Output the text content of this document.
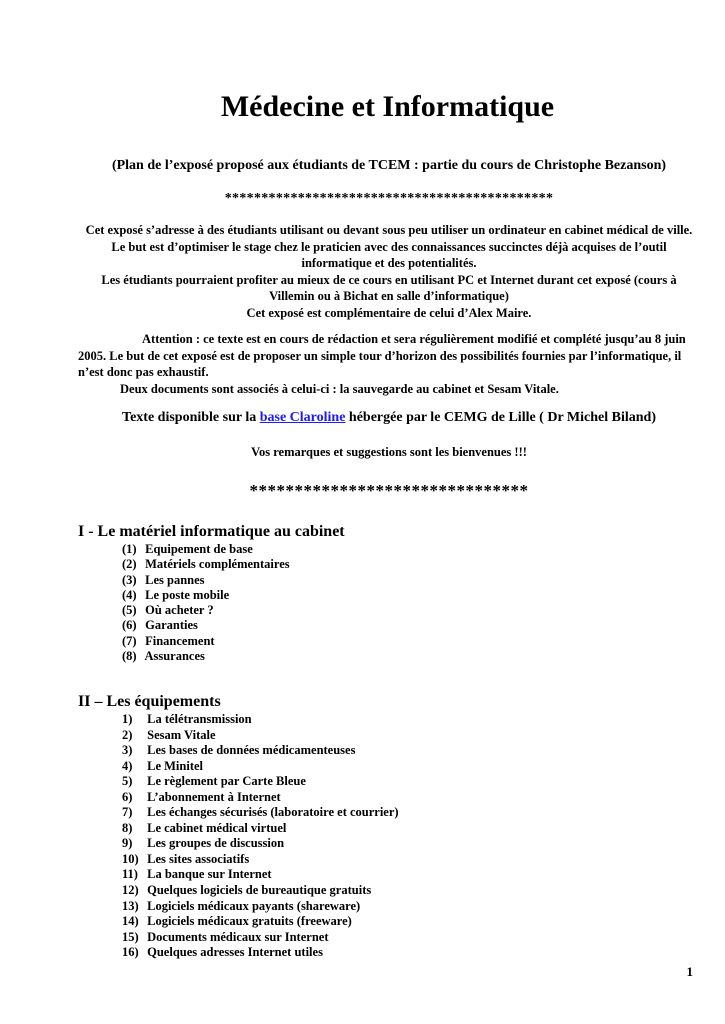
Médecine et Informatique

(Plan de l’exposé proposé aux étudiants de TCEM : partie du cours de Christophe Bezanson)

*********************************************

Cet exposé s’adresse à des étudiants utilisant ou devant sous peu utiliser un ordinateur en cabinet médical de ville. Le but est d’optimiser le stage chez le praticien avec des connaissances succinctes déjà acquises de l’outil informatique et des potentialités.
Les étudiants pourraient profiter au mieux de ce cours en utilisant PC et Internet durant cet exposé (cours à Villemin ou à Bichat en salle d’informatique)
Cet exposé est complémentaire de celui d’Alex Maire.
Attention : ce texte est en cours de rédaction et sera régulièrement modifié et complété jusqu’au 8 juin 2005. Le but de cet exposé est de proposer un simple tour d’horizon des possibilités fournies par l’informatique, il n’est donc pas exhaustif.
Deux documents sont associés à celui-ci : la sauvegarde au cabinet et Sesam Vitale.

Texte disponible sur la base Claroline hébergée par le CEMG de Lille ( Dr Michel Biland)

Vos remarques et suggestions sont les bienvenues !!!

*******************************

I - Le matériel informatique au cabinet
(1) Equipement de base
(2) Matériels complémentaires
(3) Les pannes
(4) Le poste mobile
(5) Où acheter ?
(6) Garanties
(7) Financement
(8) Assurances
II – Les équipements
1) La télétransmission
2) Sesam Vitale
3) Les bases de données médicamenteuses
4) Le Minitel
5) Le règlement par Carte Bleue
6) L’abonnement à Internet
7) Les échanges sécurisés (laboratoire et courrier)
8) Le cabinet médical virtuel
9) Les groupes de discussion
10) Les sites associatifs
11) La banque sur Internet
12) Quelques logiciels de bureautique gratuits
13) Logiciels médicaux payants (shareware)
14) Logiciels médicaux gratuits (freeware)
15) Documents médicaux sur Internet
16) Quelques adresses Internet utiles
1
